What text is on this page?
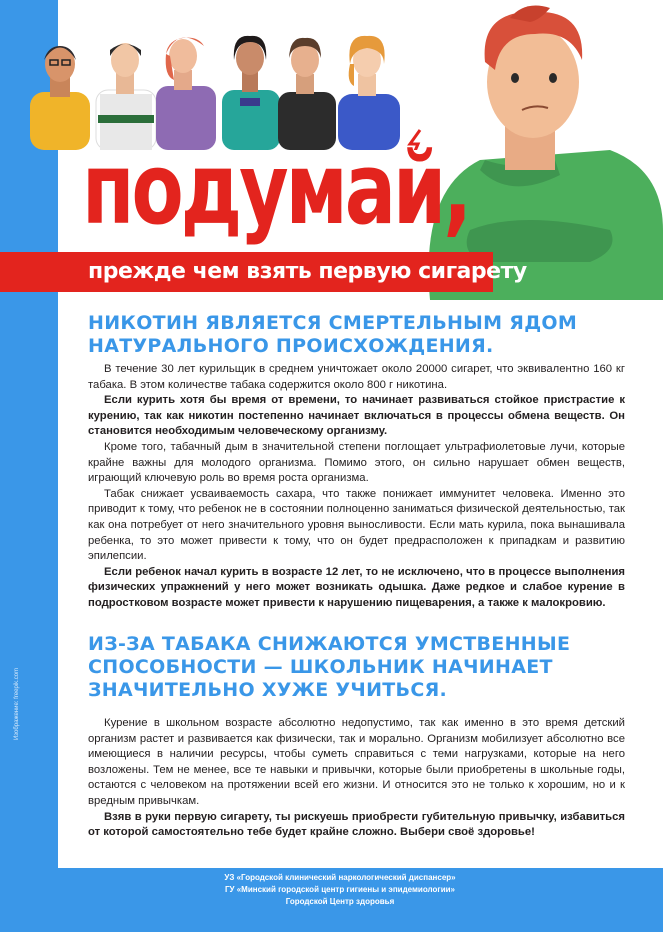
Изображение: freepik.com
подумай,
прежде чем взять первую сигарету
НИКОТИН ЯВЛЯЕТСЯ СМЕРТЕЛЬНЫМ ЯДОМ НАТУРАЛЬНОГО ПРОИСХОЖДЕНИЯ.

В течение 30 лет курильщик в среднем уничтожает около 20000 сигарет, что эквивалентно 160 кг табака. В этом количестве табака содержится около 800 г никотина.

Если курить хотя бы время от времени, то начинает развиваться стойкое пристрастие к курению, так как никотин постепенно начинает включаться в процессы обмена веществ. Он становится необходимым человеческому организму.

Кроме того, табачный дым в значительной степени поглощает ультрафиолетовые лучи, которые крайне важны для молодого организма. Помимо этого, он сильно нарушает обмен веществ, играющий ключевую роль во время роста организма.

Табак снижает усваиваемость сахара, что также понижает иммунитет человека. Именно это приводит к тому, что ребенок не в состоянии полноценно заниматься физической деятельностью, так как она потребует от него значительного уровня выносливости. Если мать курила, пока вынашивала ребенка, то это может привести к тому, что он будет предрасположен к припадкам и развитию эпилепсии.

Если ребенок начал курить в возрасте 12 лет, то не исключено, что в процессе выполнения физических упражнений у него может возникать одышка. Даже редкое и слабое курение в подростковом возрасте может привести к нарушению пищеварения, а также к малокровию.

ИЗ-ЗА ТАБАКА СНИЖАЮТСЯ УМСТВЕННЫЕ СПОСОБНОСТИ — ШКОЛЬНИК НАЧИНАЕТ ЗНАЧИТЕЛЬНО ХУЖЕ УЧИТЬСЯ.

Курение в школьном возрасте абсолютно недопустимо, так как именно в это время детский организм растет и развивается как физически, так и морально. Организм мобилизует абсолютно все имеющиеся в наличии ресурсы, чтобы суметь справиться с теми нагрузками, которые на него возложены. Тем не менее, все те навыки и привычки, которые были приобретены в школьные годы, остаются с человеком на протяжении всей его жизни. И относится это не только к хорошим, но и к вредным привычкам.

Взяв в руки первую сигарету, ты рискуешь приобрести губительную привычку, избавиться от которой самостоятельно тебе будет крайне сложно. Выбери своё здоровье!

УЗ «Городской клинический наркологический диспансер»
ГУ «Минский городской центр гигиены и эпидемиологии»
Городской Центр здоровья
